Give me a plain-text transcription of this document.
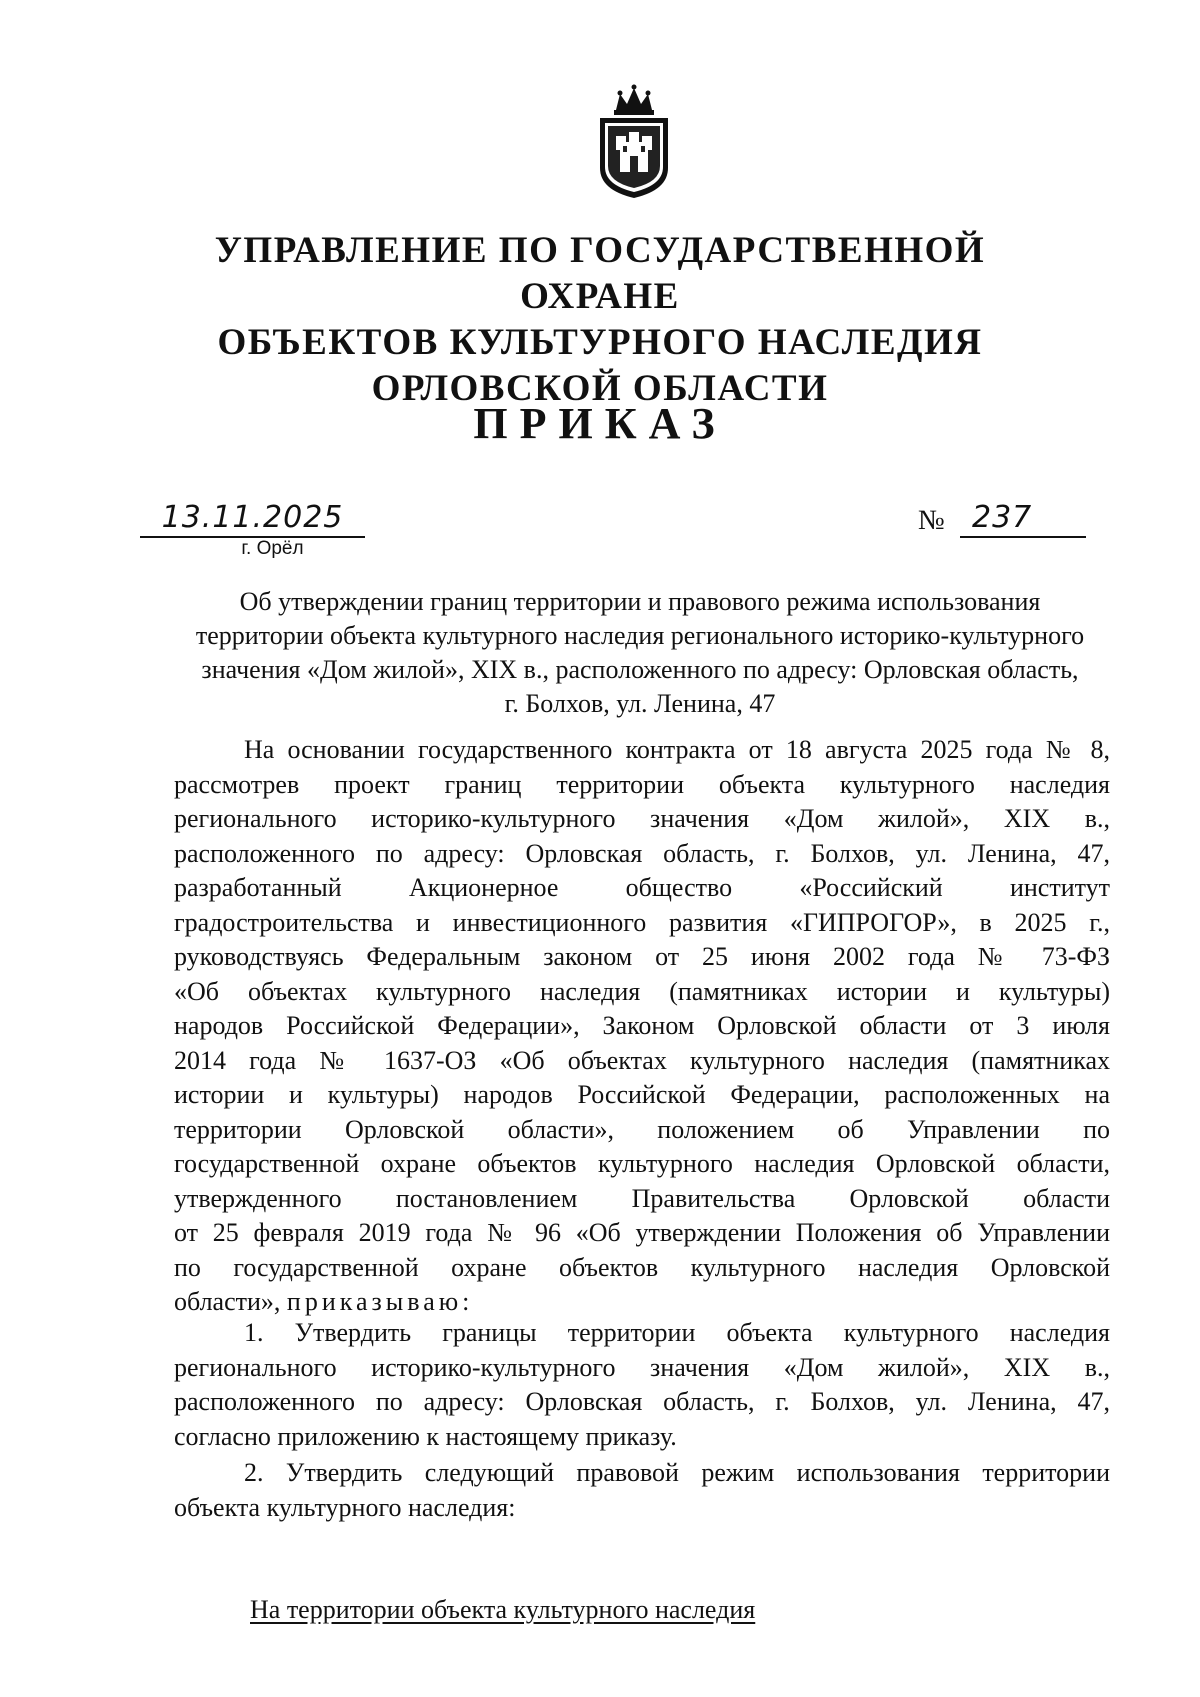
УПРАВЛЕНИЕ ПО ГОСУДАРСТВЕННОЙ ОХРАНЕ
ОБЪЕКТОВ КУЛЬТУРНОГО НАСЛЕДИЯ
ОРЛОВСКОЙ ОБЛАСТИ
ПРИКАЗ
13.11.2025
г. Орёл
№ 237
Об утверждении границ территории и правового режима использования
территории объекта культурного наследия регионального историко-культурного
значения «Дом жилой», XIX в., расположенного по адресу: Орловская область,
г. Болхов, ул. Ленина, 47
На основании государственного контракта от 18 августа 2025 года № 8,
рассмотрев проект границ территории объекта культурного наследия
регионального историко-культурного значения «Дом жилой», XIX в.,
расположенного по адресу: Орловская область, г. Болхов, ул. Ленина, 47,
разработанный Акционерное общество «Российский институт
градостроительства и инвестиционного развития «ГИПРОГОР», в 2025 г.,
руководствуясь Федеральным законом от 25 июня 2002 года № 73-ФЗ
«Об объектах культурного наследия (памятниках истории и культуры)
народов Российской Федерации», Законом Орловской области от 3 июля
2014 года № 1637-ОЗ «Об объектах культурного наследия (памятниках
истории и культуры) народов Российской Федерации, расположенных на
территории Орловской области», положением об Управлении по
государственной охране объектов культурного наследия Орловской области,
утвержденного постановлением Правительства Орловской области
от 25 февраля 2019 года № 96 «Об утверждении Положения об Управлении
по государственной охране объектов культурного наследия Орловской
области», приказываю:
1. Утвердить границы территории объекта культурного наследия
регионального историко-культурного значения «Дом жилой», XIX в.,
расположенного по адресу: Орловская область, г. Болхов, ул. Ленина, 47,
согласно приложению к настоящему приказу.
2. Утвердить следующий правовой режим использования территории
объекта культурного наследия:
На территории объекта культурного наследия
